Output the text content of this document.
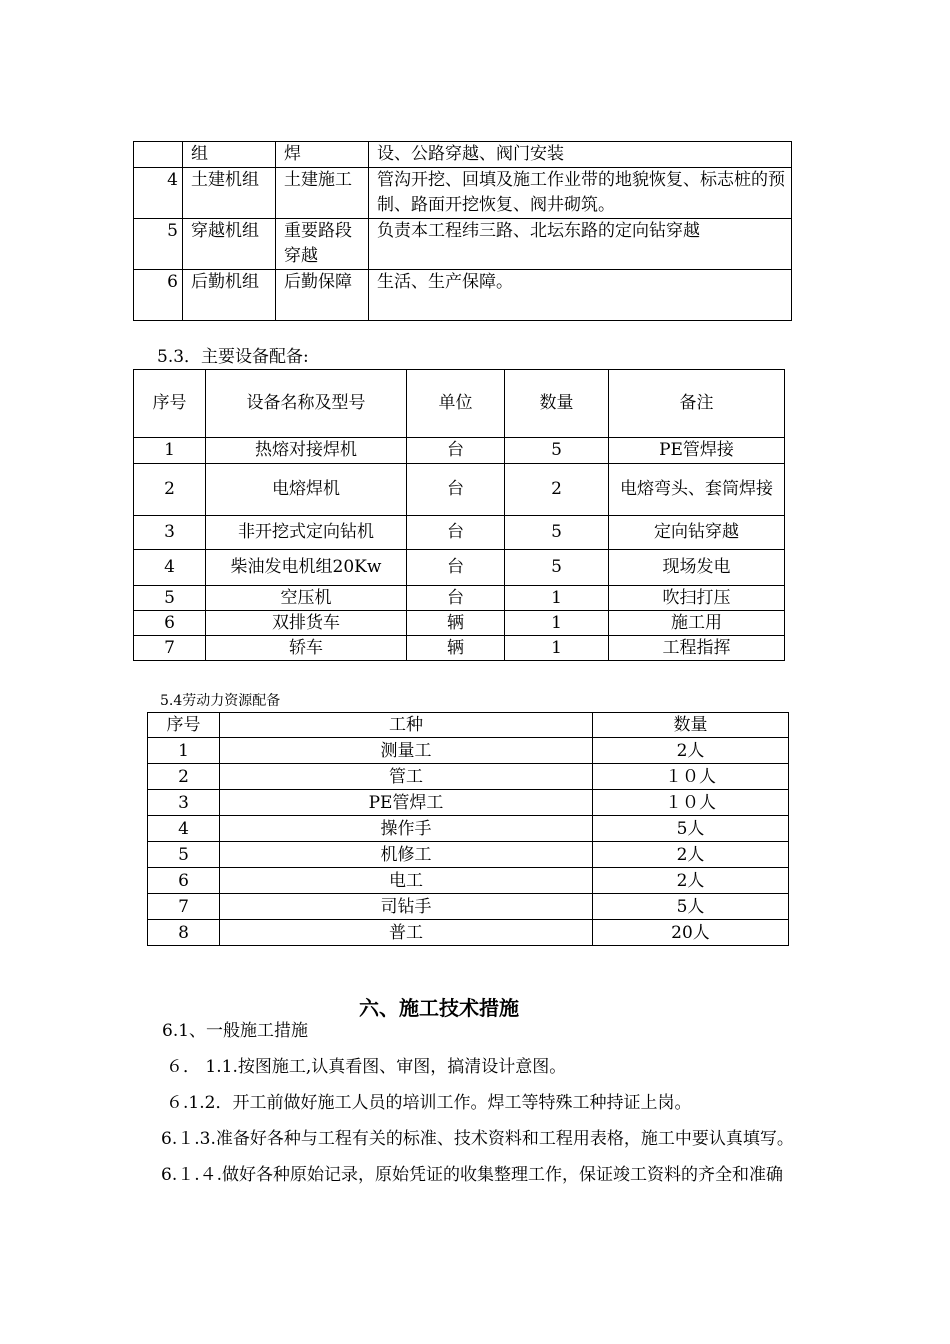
	组	焊	设、公路穿越、阀门安装
4	土建机组	土建施工	管沟开挖、回填及施工作业带的地貌恢复、标志桩的预制、路面开挖恢复、阀井砌筑。
5	穿越机组	重要路段穿越	负责本工程纬三路、北坛东路的定向钻穿越
6	后勤机组	后勤保障	生活、生产保障。
5.3．主要设备配备:
序号	设备名称及型号	单位	数量	备注
1	热熔对接焊机	台	5	PE管焊接
2	电熔焊机	台	2	电熔弯头、套筒焊接
3	非开挖式定向钻机	台	5	定向钻穿越
4	柴油发电机组20Kw	台	5	现场发电
5	空压机	台	1	吹扫打压
6	双排货车	辆	1	施工用
7	轿车	辆	1	工程指挥
5.4劳动力资源配备
序号	工种	数量
1	测量工	2人
2	管工	１０人
3	PE管焊工	１０人
4	操作手	5人
5	机修工	2人
6	电工	2人
7	司钻手	5人
8	普工	20人
六、施工技术措施
6.1、一般施工措施
６． 1.1.按图施工,认真看图、审图，搞清设计意图。
６.1.2．开工前做好施工人员的培训工作。焊工等特殊工种持证上岗。
6.１.3.准备好各种与工程有关的标准、技术资料和工程用表格，施工中要认真填写。
6.１.４.做好各种原始记录，原始凭证的收集整理工作，保证竣工资料的齐全和准确
